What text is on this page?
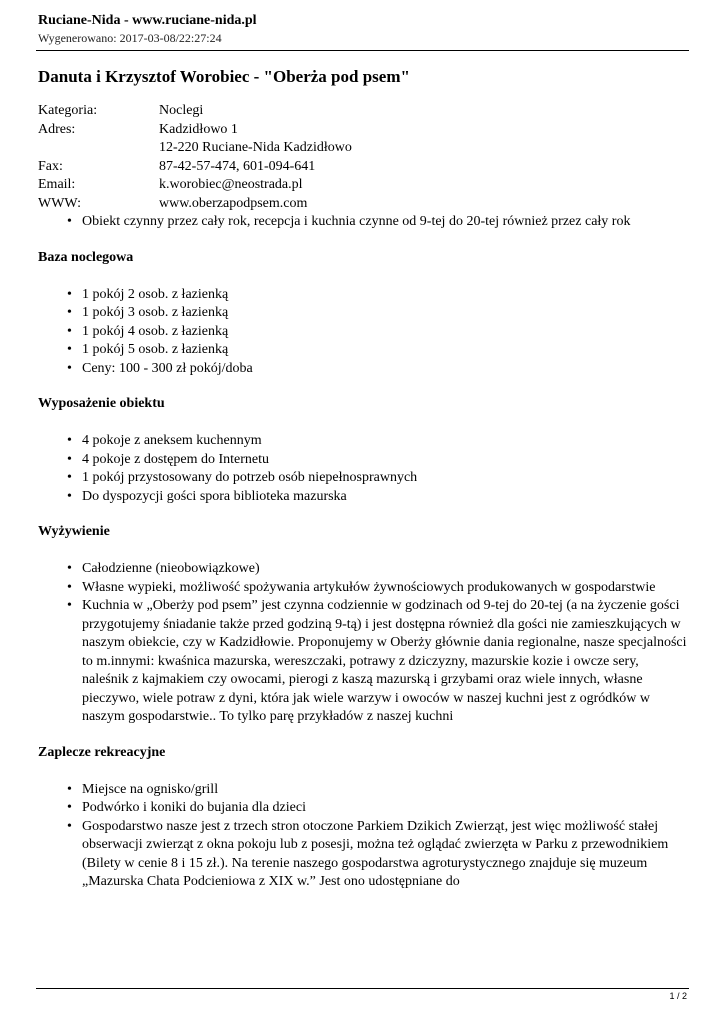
Ruciane-Nida - www.ruciane-nida.pl
Wygenerowano: 2017-03-08/22:27:24
Danuta i Krzysztof Worobiec - "Oberża pod psem"
Kategoria:	Noclegi
Adres:	Kadzidłowo 1
	12-220 Ruciane-Nida Kadzidłowo
Fax:	87-42-57-474, 601-094-641
Email:	k.worobiec@neostrada.pl
WWW:	www.oberzapodpsem.com
• Obiekt czynny przez cały rok, recepcja i kuchnia czynne od 9-tej do 20-tej również przez cały rok
Baza noclegowa
• 1 pokój 2 osob. z łazienką
• 1 pokój 3 osob. z łazienką
• 1 pokój 4 osob. z łazienką
• 1 pokój 5 osob. z łazienką
• Ceny: 100 - 300 zł pokój/doba
Wyposażenie obiektu
• 4 pokoje z aneksem kuchennym
• 4 pokoje z dostępem do Internetu
• 1 pokój przystosowany do potrzeb osób niepełnosprawnych
• Do dyspozycji gości spora biblioteka mazurska
Wyżywienie
• Całodzienne (nieobowiązkowe)
• Własne wypieki, możliwość spożywania artykułów żywnościowych produkowanych w gospodarstwie
• Kuchnia w „Oberży pod psem” jest czynna codziennie w godzinach od 9-tej do 20-tej (a na życzenie gości przygotujemy śniadanie także przed godziną 9-tą) i jest dostępna również dla gości nie zamieszkujących w naszym obiekcie, czy w Kadzidłowie. Proponujemy w Oberży głównie dania regionalne, nasze specjalności to m.innymi: kwaśnica mazurska, wereszczaki, potrawy z dziczyzny, mazurskie kozie i owcze sery, naleśnik z kajmakiem czy owocami, pierogi z kaszą mazurską i grzybami oraz wiele innych, własne pieczywo, wiele potraw z dyni, która jak wiele warzyw i owoców w naszej kuchni jest z ogródków w naszym gospodarstwie.. To tylko parę przykładów z naszej kuchni
Zaplecze rekreacyjne
• Miejsce na ognisko/grill
• Podwórko i koniki do bujania dla dzieci
• Gospodarstwo nasze jest z trzech stron otoczone Parkiem Dzikich Zwierząt, jest więc możliwość stałej obserwacji zwierząt z okna pokoju lub z posesji, można też oglądać zwierzęta w Parku z przewodnikiem (Bilety w cenie 8 i 15 zł.). Na terenie naszego gospodarstwa agroturystycznego znajduje się muzeum „Mazurska Chata Podcieniowa z XIX w.” Jest ono udostępniane do
1 / 2
